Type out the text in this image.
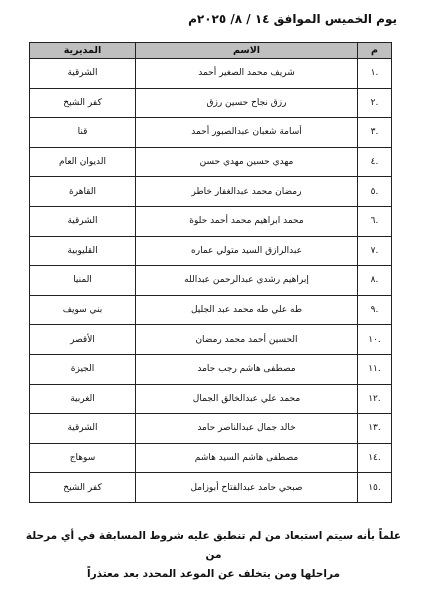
يوم الخميس الموافق ١٤ / ٨/ ٢٠٢٥م
م	الاسم	المديرية
.١	شريف محمد الصغير أحمد	الشرقية
.٢	رزق نجاح حسين رزق	كفر الشيخ
.٣	أسامة شعبان عبدالصبور أحمد	قنا
.٤	مهدي حسين مهدي حسن	الديوان العام
.٥	رمضان محمد عبدالغفار خاطر	القاهرة
.٦	محمد ابراهيم محمد أحمد حلوة	الشرقية
.٧	عبدالرازق السيد متولي عماره	القليوبية
.٨	إبراهيم رشدي عبدالرحمن عبدالله	المنيا
.٩	طه علي طه محمد عبد الجليل	بني سويف
.١٠	الحسين أحمد محمد رمضان	الأقصر
.١١	مصطفى هاشم رجب حامد	الجيزة
.١٢	محمد علي عبدالخالق الجمال	الغربية
.١٣	خالد جمال عبدالناصر حامد	الشرقية
.١٤	مصطفى هاشم السيد هاشم	سوهاج
.١٥	صبحي حامد عبدالفتاح أبوزامل	كفر الشيخ
علماً بأنه سيتم استبعاد من لم تنطبق عليه شروط المسابقة في أي مرحلة من
مراحلها ومن يتخلف عن الموعد المحدد بعد معتذراً
